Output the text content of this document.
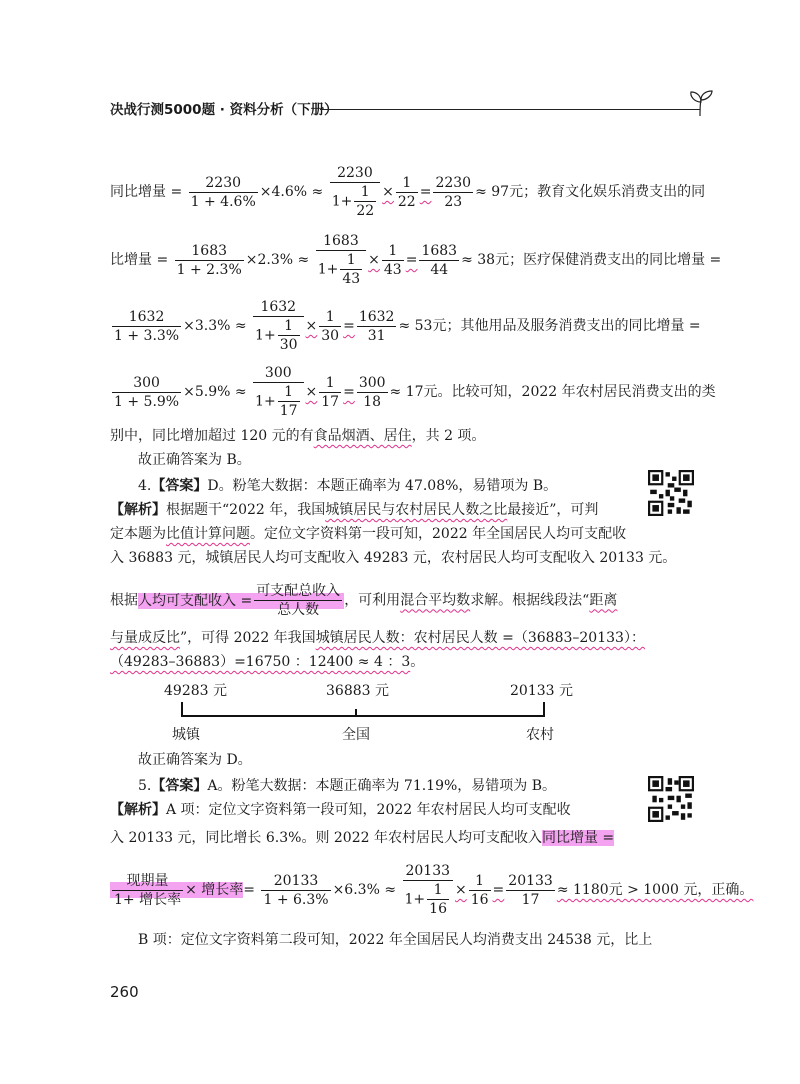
决战行测5000题 · 资料分析（下册）
同比增量 = $\frac{2230}{1 + 4.6\%} \times 4.6\% \approx \frac{2230}{1+ \frac{1}{22}} \times \frac{1}{22} = \frac{2230}{23} \approx 97$元；教育文化娱乐消费支出的同
比增量 = $\frac{1683}{1 + 2.3\%} \times 2.3\% \approx \frac{1683}{1+ \frac{1}{43}} \times \frac{1}{43} = \frac{1683}{44} \approx 38$元；医疗保健消费支出的同比增量 =
$\frac{1632}{1 + 3.3\%} \times 3.3\% \approx \frac{1632}{1+ \frac{1}{30}} \times \frac{1}{30} = \frac{1632}{31} \approx 53$元；其他用品及服务消费支出的同比增量 =
$\frac{300}{1 + 5.9\%} \times 5.9\% \approx \frac{300}{1+ \frac{1}{17}} \times \frac{1}{17} = \frac{300}{18} \approx 17$元。比较可知，2022 年农村居民消费支出的类
别中，同比增加超过 120 元的有食品烟酒、居住，共 2 项。
故正确答案为 B。
4.【答案】D。粉笔大数据：本题正确率为 47.08%，易错项为 B。
【解析】根据题干“2022 年，我国城镇居民与农村居民人数之比最接近”，可判
定本题为比值计算问题。定位文字资料第一段可知，2022 年全国居民人均可支配收
入 36883 元，城镇居民人均可支配收入 49283 元，农村居民人均可支配收入 20133 元。
根据人均可支配收入 = $\frac{\text{可支配总收入}}{\text{总人数}}$ ，可利用混合平均数求解。根据线段法“距离
与量成反比”，可得 2022 年我国城镇居民人数：农村居民人数 =（36883–20133）：
（49283–36883）=16750 ：12400 ≈ 4 ：3。
49283 元	36883 元	20133 元
城镇	全国	农村
故正确答案为 D。
5.【答案】A。粉笔大数据：本题正确率为 71.19%，易错项为 B。
【解析】A 项：定位文字资料第一段可知，2022 年农村居民人均可支配收
入 20133 元，同比增长 6.3%。则 2022 年农村居民人均可支配收入同比增量 =
$\frac{\text{现期量}}{\text{1+ 增长率}}$ × 增长率= $\frac{20133}{1 + 6.3\%} \times 6.3\% \approx \frac{20133}{1+ \frac{1}{16}} \times \frac{1}{16} = \frac{20133}{17} \approx 1180$元 > 1000 元，正确。
B 项：定位文字资料第二段可知，2022 年全国居民人均消费支出 24538 元，比上
260
